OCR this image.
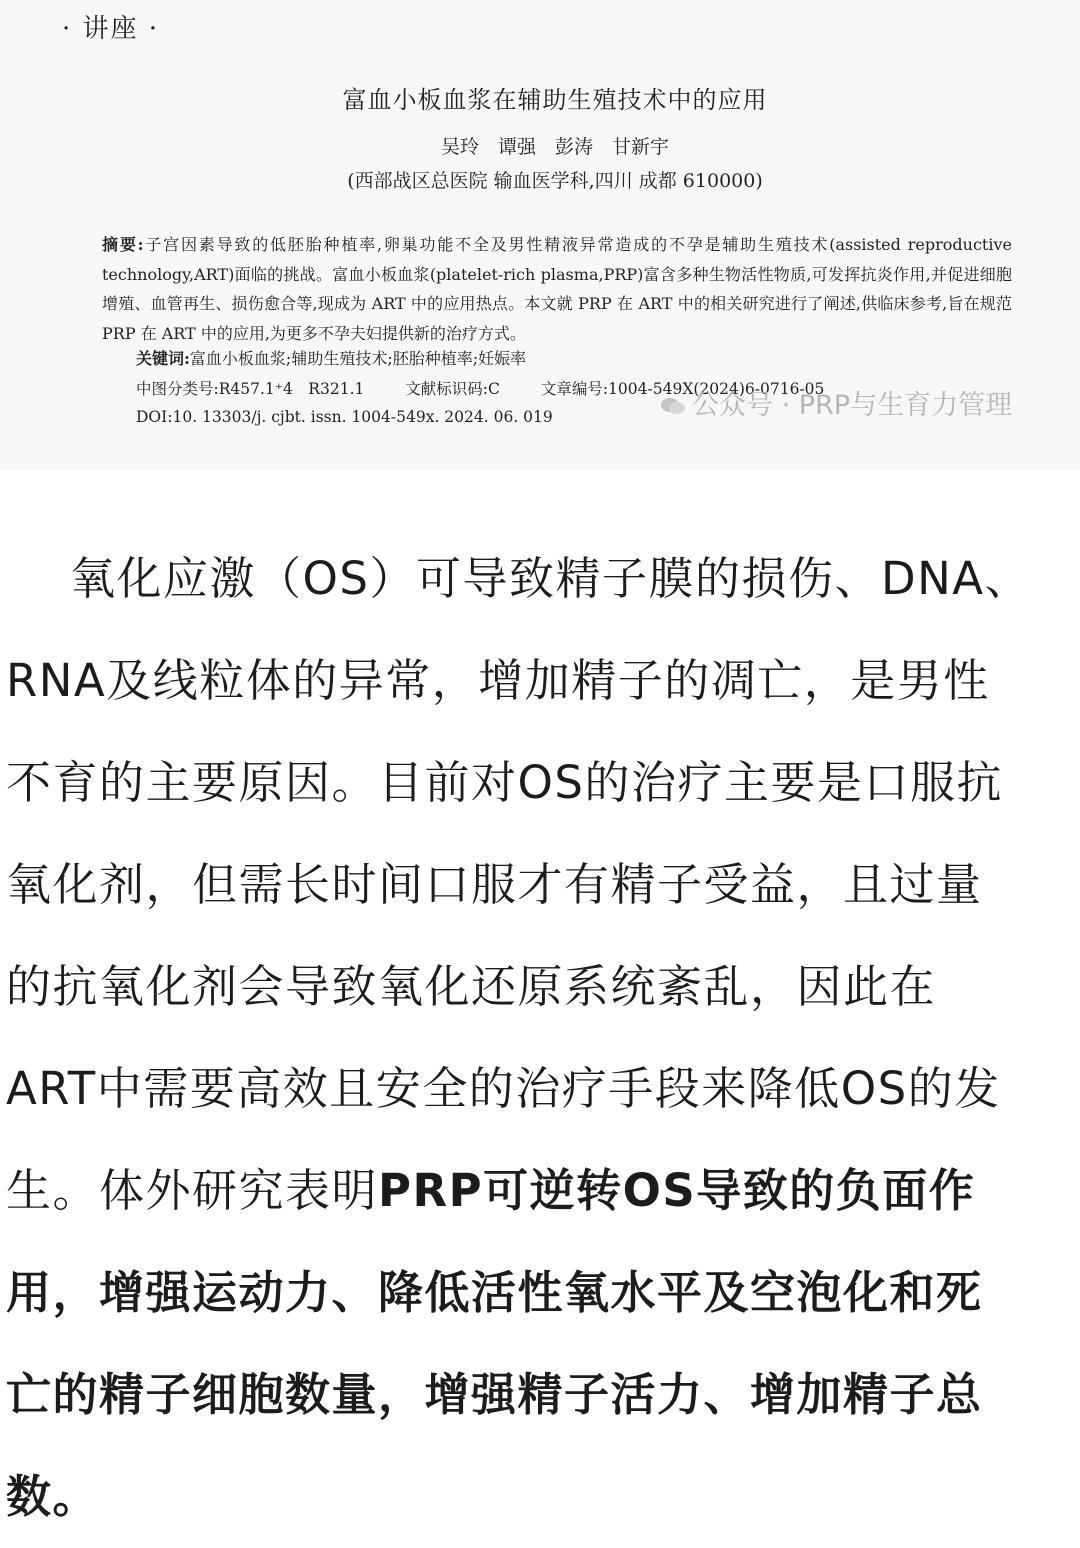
· 讲座 ·
富血小板血浆在辅助生殖技术中的应用
吴玲　谭强　彭涛　甘新宇
(西部战区总医院 输血医学科,四川 成都 610000)
摘要:子宫因素导致的低胚胎种植率,卵巢功能不全及男性精液异常造成的不孕是辅助生殖技术(assisted reproductive technology,ART)面临的挑战。富血小板血浆(platelet-rich plasma,PRP)富含多种生物活性物质,可发挥抗炎作用,并促进细胞增殖、血管再生、损伤愈合等,现成为 ART 中的应用热点。本文就 PRP 在 ART 中的相关研究进行了阐述,供临床参考,旨在规范 PRP 在 ART 中的应用,为更多不孕夫妇提供新的治疗方式。
关键词:富血小板血浆;辅助生殖技术;胚胎种植率;妊娠率
中图分类号:R457.1⁺4　R321.1	文献标识码:C	文章编号:1004-549X(2024)6-0716-05
DOI:10. 13303/j. cjbt. issn. 1004-549x. 2024. 06. 019	公众号 · PRP与生育力管理
氧化应激（OS）可导致精子膜的损伤、DNA、
RNA及线粒体的异常，增加精子的凋亡，是男性
不育的主要原因。目前对OS的治疗主要是口服抗
氧化剂，但需长时间口服才有精子受益，且过量
的抗氧化剂会导致氧化还原系统紊乱，因此在
ART中需要高效且安全的治疗手段来降低OS的发
生。体外研究表明PRP可逆转OS导致的负面作
用，增强运动力、降低活性氧水平及空泡化和死
亡的精子细胞数量，增强精子活力、增加精子总
数。
